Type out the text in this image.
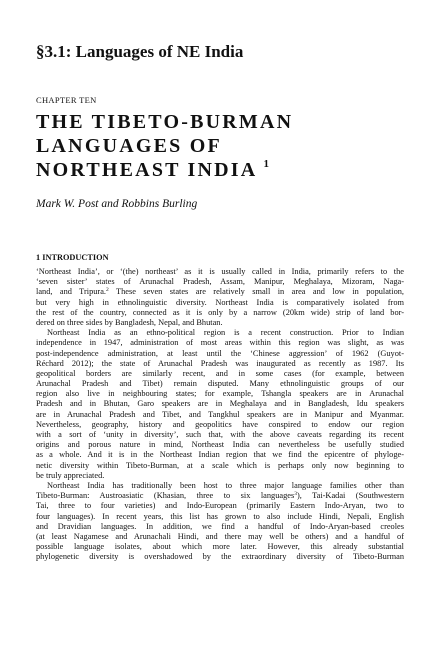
§3.1: Languages of NE India
CHAPTER TEN
THE TIBETO-BURMAN
LANGUAGES OF
NORTHEAST INDIA $^1$
Mark W. Post and Robbins Burling
1 INTRODUCTION
‘Northeast India’, or ‘(the) northeast’ as it is usually called in India, primarily refers to the
‘seven sister’ states of Arunachal Pradesh, Assam, Manipur, Meghalaya, Mizoram, Naga-
land, and Tripura.$^2$ These seven states are relatively small in area and low in population,
but very high in ethnolinguistic diversity. Northeast India is comparatively isolated from
the rest of the country, connected as it is only by a narrow (20km wide) strip of land bor-
dered on three sides by Bangladesh, Nepal, and Bhutan.
Northeast India as an ethno-political region is a recent construction. Prior to Indian
independence in 1947, administration of most areas within this region was slight, as was
post-independence administration, at least until the ‘Chinese aggression’ of 1962 (Guyot-
Réchard 2012); the state of Arunachal Pradesh was inaugurated as recently as 1987. Its
geopolitical borders are similarly recent, and in some cases (for example, between
Arunachal Pradesh and Tibet) remain disputed. Many ethnolinguistic groups of our
region also live in neighbouring states; for example, Tshangla speakers are in Arunachal
Pradesh and in Bhutan, Garo speakers are in Meghalaya and in Bangladesh, Idu speakers
are in Arunachal Pradesh and Tibet, and Tangkhul speakers are in Manipur and Myanmar.
Nevertheless, geography, history and geopolitics have conspired to endow our region
with a sort of ‘unity in diversity’, such that, with the above caveats regarding its recent
origins and porous nature in mind, Northeast India can nevertheless be usefully studied
as a whole. And it is in the Northeast Indian region that we find the epicentre of phyloge-
netic diversity within Tibeto-Burman, at a scale which is perhaps only now beginning to
be truly appreciated.
Northeast India has traditionally been host to three major language families other than
Tibeto-Burman: Austroasiatic (Khasian, three to six languages$^3$), Tai-Kadai (Southwestern
Tai, three to four varieties) and Indo-European (primarily Eastern Indo-Aryan, two to
four languages). In recent years, this list has grown to also include Hindi, Nepali, English
and Dravidian languages. In addition, we find a handful of Indo-Aryan-based creoles
(at least Nagamese and Arunachali Hindi, and there may well be others) and a handful of
possible language isolates, about which more later. However, this already substantial
phylogenetic diversity is overshadowed by the extraordinary diversity of Tibeto-Burman
